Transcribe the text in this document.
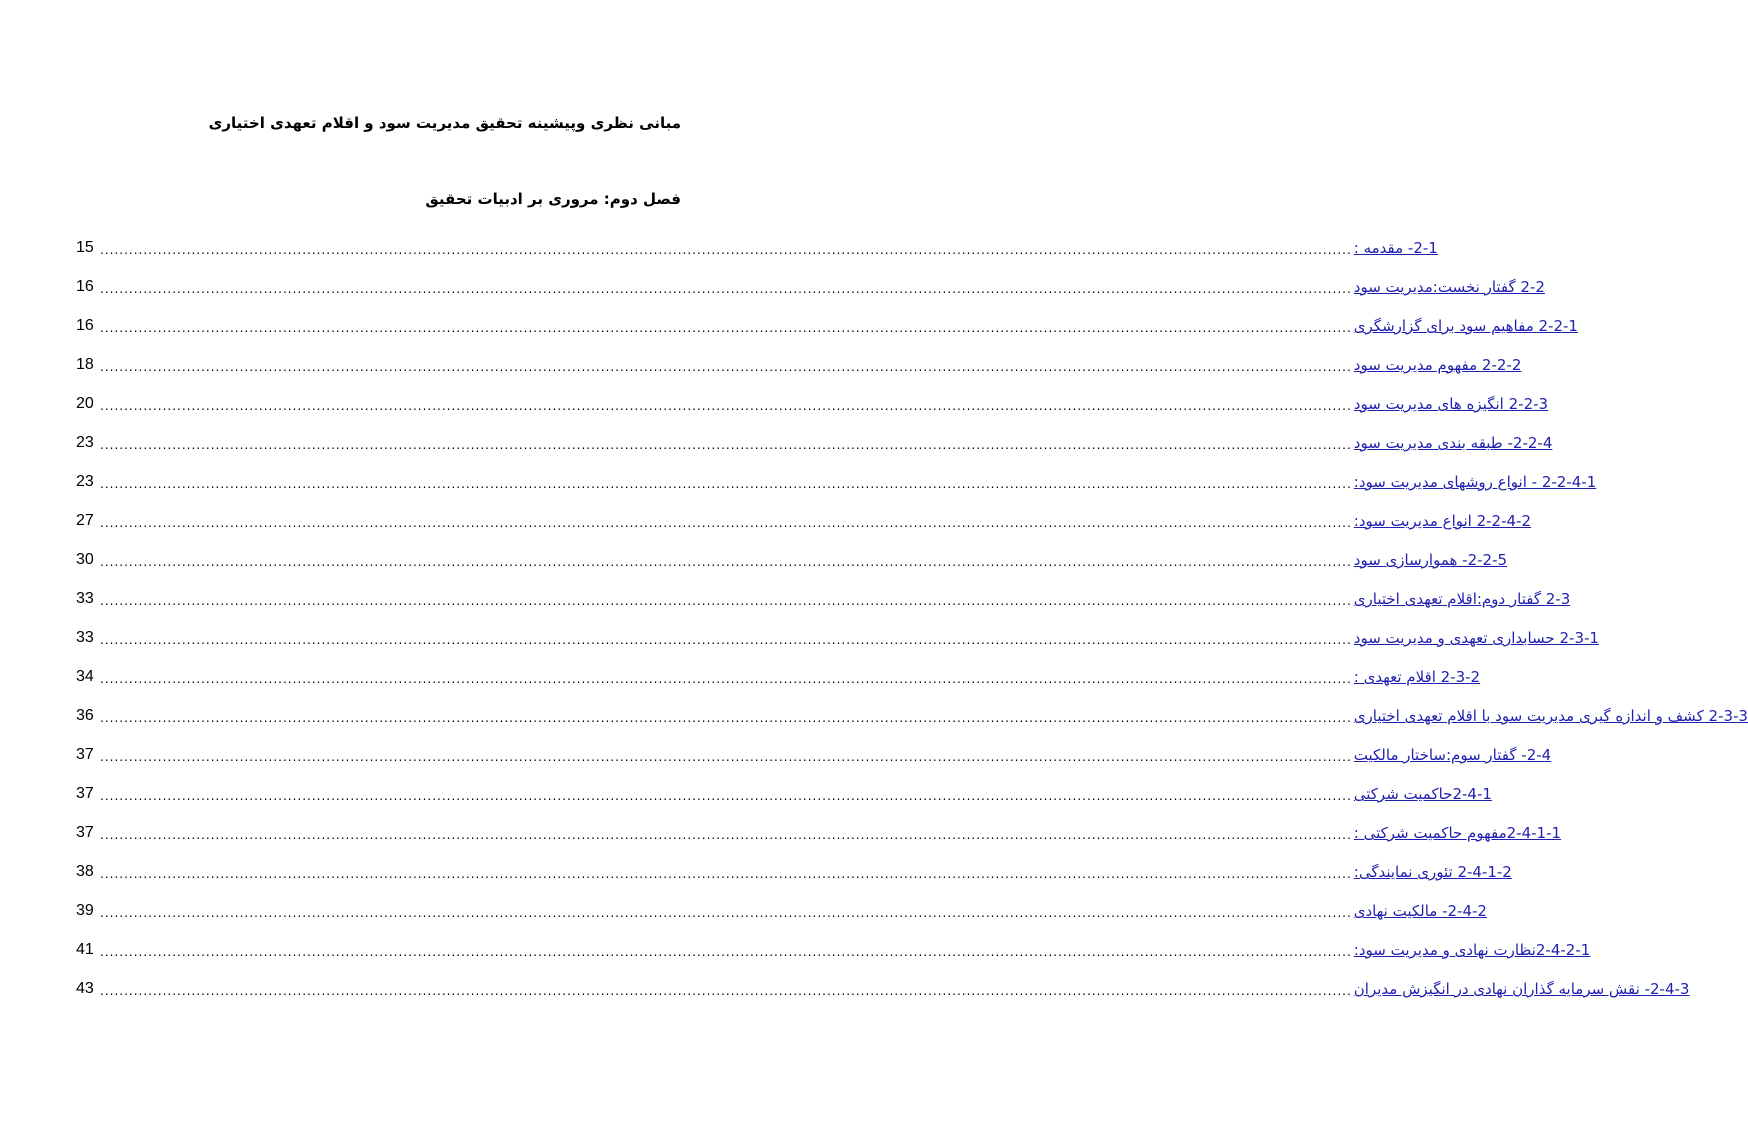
مبانی نظری وپیشینه تحقیق مدیریت سود و اقلام تعهدی اختیاری
فصل دوم: مروری بر ادبیات تحقیق
15 .................................................................................................................................................................................................................................................................... 2-1- مقدمه :
16 .................................................................................................................................................................................................................................................................... 2-2 گفتار نخست:مدیریت سود
16 .................................................................................................................................................................................................................................................................... 2-2-1 مفاهیم سود برای گزارشگری
18 .................................................................................................................................................................................................................................................................... 2-2-2 مفهوم مدیریت سود
20 .................................................................................................................................................................................................................................................................... 2-2-3 انگیزه های مدیریت سود
23 .................................................................................................................................................................................................................................................................... 2-2-4- طبقه بندی مدیریت سود
23 .................................................................................................................................................................................................................................................................... 2-2-4-1 - انواع روشهای مدیریت سود:
27 .................................................................................................................................................................................................................................................................... 2-2-4-2 انواع مدیریت سود:
30 .................................................................................................................................................................................................................................................................... 2-2-5- هموارسازی سود
33 .................................................................................................................................................................................................................................................................... 2-3 گفتار دوم:اقلام تعهدی اختیاری
33 .................................................................................................................................................................................................................................................................... 2-3-1 حسابداری تعهدی و مدیریت سود
34 .................................................................................................................................................................................................................................................................... 2-3-2 اقلام تعهدی :
36 .................................................................................................................................................................................................................................................................... 2-3-3 کشف و اندازه گیری مدیریت سود با اقلام تعهدی اختیاری
37 .................................................................................................................................................................................................................................................................... 2-4- گفتار سوم:ساختار مالکیت
37 .................................................................................................................................................................................................................................................................... 2-4-1حاکمیت شرکتی
37 .................................................................................................................................................................................................................................................................... 2-4-1-1مفهوم حاکمیت شرکتی :
38 .................................................................................................................................................................................................................................................................... 2-4-1-2 تئوری نمایندگی:
39 .................................................................................................................................................................................................................................................................... 2-4-2- مالکیت نهادی
41 .................................................................................................................................................................................................................................................................... 2-4-2-1نظارت نهادی و مدیریت سود:
43 .................................................................................................................................................................................................................................................................... 2-4-3- نقش سرمایه گذاران نهادی در انگیزش مدیران
